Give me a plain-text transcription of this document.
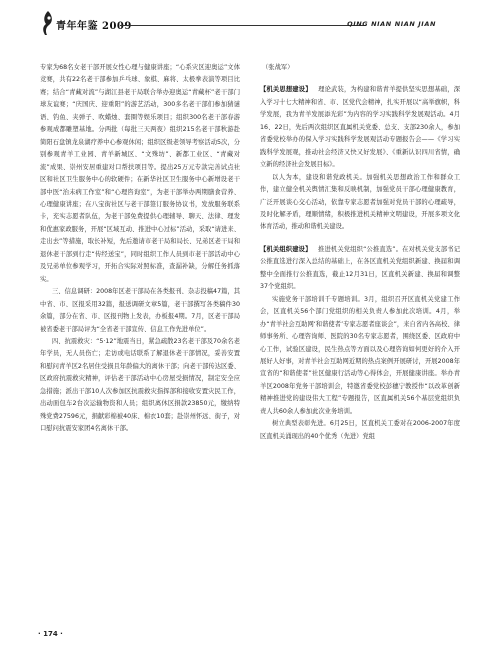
青年年鉴 2009	QING NIAN NIAN JIAN

专家为68名女老干部开展女性心理与健康讲座；“心系灾区迎奥运”文体竞赛，共有22名老干部参加乒乓球、象棋、麻将、太极拳表演等项目比赛；结合“青藏对流”与湖江县老干局联合举办迎奥运“青藏杯”老干部门球友谊赛；“庆国庆、迎重阳”的游艺活动，300多名老干部们参加猜谜语、钓鱼、夹弹子、吹蜡烛、套圈等娱乐项目；组织300名老干部春游参观成都雕塑基地。分两批（每批三天两夜）组织215名老干部秋游赴简阳石盘镇龙泉湖疗养中心参观休闲；组织区级老领导考察活动5次，分别参观青羊工业园、青羊新城区、“文殊坊”、新都工业区、“青藏对流”成果、崇州安居重建对口帮扶项目等。提出25万元专款完善试点社区和社区卫生服务中心的软硬件；在新华社区卫生服务中心新增设老干部中医“治未病工作室”和“心理咨询室”，为老干部举办两期膳食营养、心理健康讲座；在八宝街社区与老干部签订服务协议书，发放服务联系卡，充实志愿者队伍，为老干部免费提供心理辅导、聊天、法律、理发和优惠家政服务，开展“区域互动、推进中心过标”活动，采取“请进来、走出去”等措施，取长补短，先后邀请市老干局和局长、兄弟区老干局和退休老干部到行走“传经送宝”，同时组织工作人员到市老干部活动中心及兄弟单位参观学习，开拓合实际对照标准，查漏补缺，分解任务抓落实。

三、信息调研：2008年区老干部局在各类报刊、杂志投稿47篇，其中省、市、区报采用32篇，报送调研文章5篇，老干部撰写各类稿件30余篇，部分在省、市、区报刊物上发表，办板报4期。7月，区老干部局被省委老干部局评为“全省老干部宣传、信息工作先进单位”。

四、抗震救灾：“5·12”地震当日，紧急疏散23名老干部及70余名老年学员，无人员伤亡；走访或电话联系了解退休老干部情况，妥善安置和慰问青羊区2名居住受损且年龄偏大的离休干部；向老干部传达区委、区政府抗震救灾精神，评估老干部活动中心房屋受损情况，制定安全应急措施；派出干部10人次参加区抗震救灾指挥部和接收安置灾民工作，出动面包车2台次运输物资和人员；组织离休区捐款23850元，缴纳特殊党费27596元，捐献彩棉被40床、棉衣10套；赴崇州怀远、街子，对口慰问抗震安家团4名离休干部。

（张战军）

【机关思想建设】  理论武装，为构建和谐青羊提供坚实思想基础，深入学习十七大精神和省、市、区党代会精神，扎实开展以“高举旗帜，科学发展，我为青羊发展添光彩”为内容的学习实践科学发展观活动。4月16、22日，先后两次组织区直属机关党委、总支、支部230余人，参加省委党校举办的保入学习实践科学发展观活动专题报告会——《学习实践科学发展观，推动社会经济又快又好发展》、《重新认识四川省情，确立新的经济社会发展目标》。

以人为本，建设和谐党政机关。加强机关思想政治工作和群众工作，建立健全机关舆情汇集和反映机制，加强党员干部心理健康教育，广泛开展谈心交心活动，依靠专家志愿者加强对党员干部的心理疏导，及时化解矛盾，理顺情绪，积极推进机关精神文明建设，开展多项文化体育活动，推动和谐机关建设。

【机关组织建设】  推进机关党组织“公推直选”。在对机关党支部书记公推直选进行深入总结的基础上，在各区直机关党组织新建、换届和调整中全面推行公推直选，截止12月31日，区直机关新建、换届和调整37个党组织。

实施党务干部培训千专题培训。3月，组织召开区直机关党建工作会，区直机关56个部门党组织的相关负责人参加此次培训。4月，举办“青羊社会互助网‘和谐使者’专家志愿者座谈会”，来自省内各高校、律师事务所、心理咨询师、医院的30名专家志愿者，围绕区委、区政府中心工作，试验区建设，民生热点等方面以及心理咨询如何更好的介入开展好人好事，对青羊社会互助网近期的热点案例开展研讨，开展2008年宣省的“和谐使者”社区健康行活动等心得体会，开展健康讲座。举办青羊区2008年党务干部培训会，特邀省委党校彭穗宁教授作“以改革创新精神推进党的建设伟大工程”专题报告，区直属机关56个基层党组织负责人共60余人参加此次业务培训。

树立典型表彰先进。6月25日，区直机关工委对在2006-2007年度区直机关涌现出的40个优秀（先进）党组

· 174 ·
